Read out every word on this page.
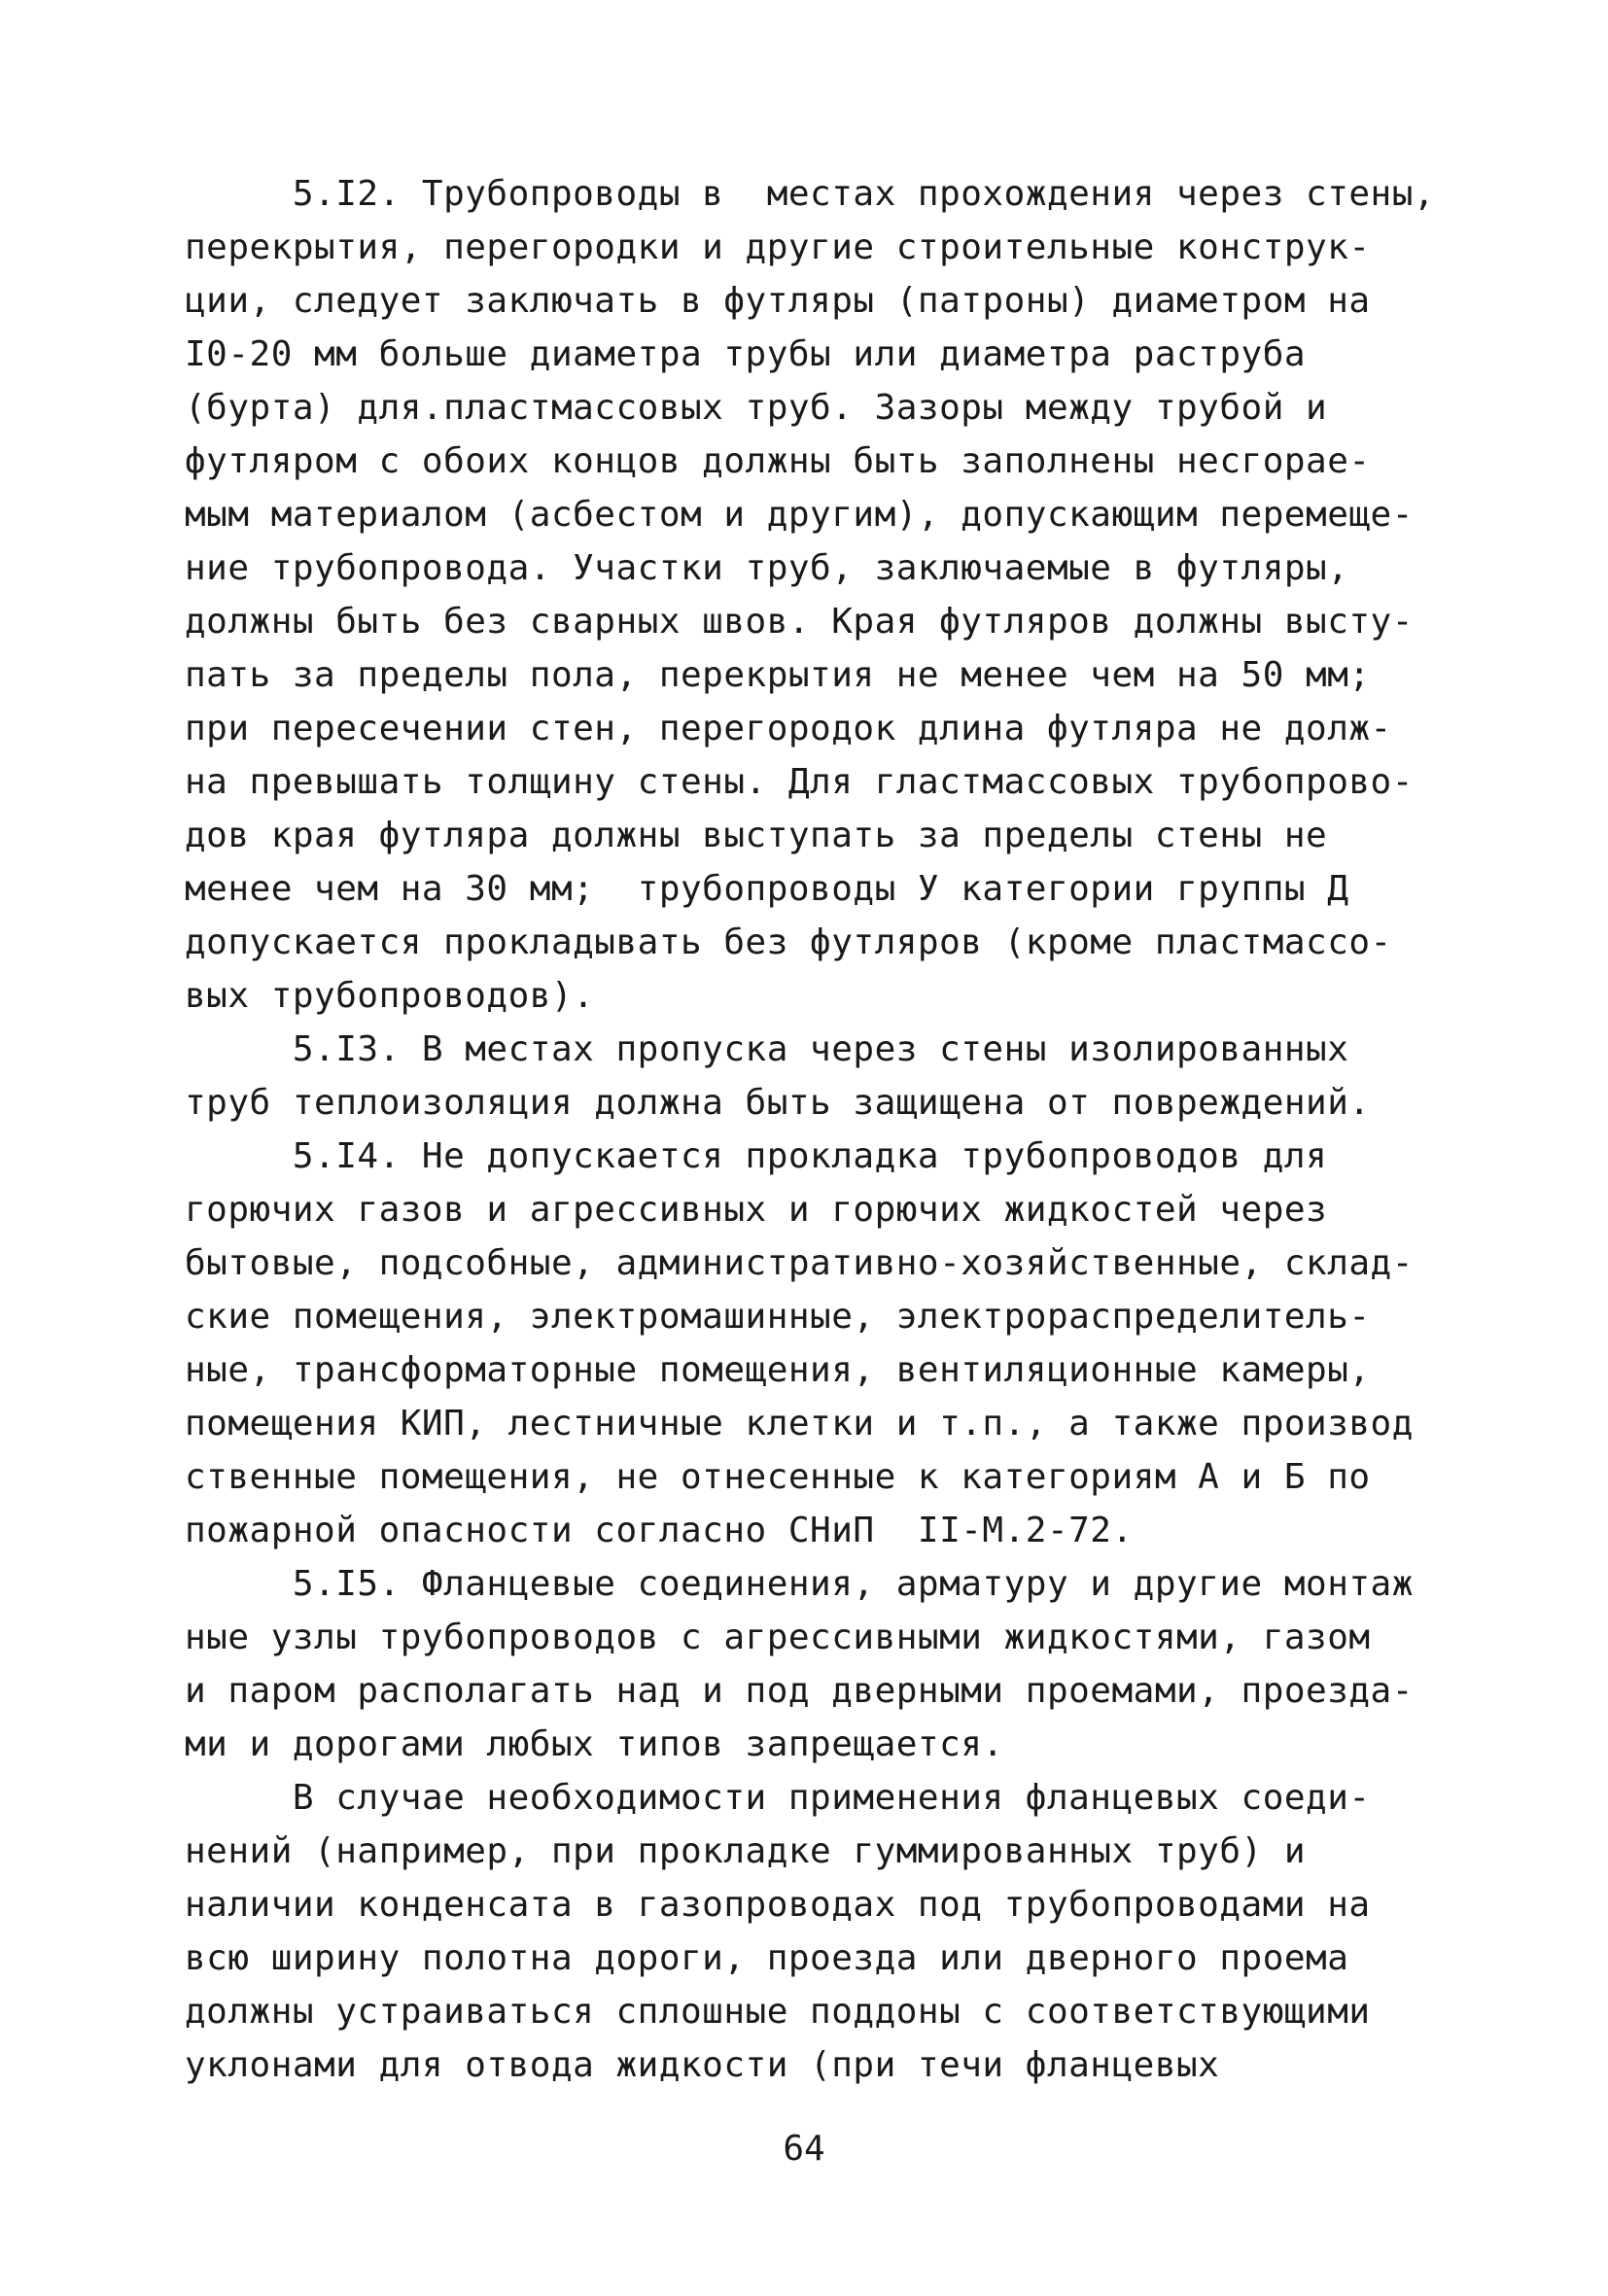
5.I2. Трубопроводы в  местах прохождения через стены,
перекрытия, перегородки и другие строительные конструк-
ции, следует заключать в футляры (патроны) диаметром на
I0-20 мм больше диаметра трубы или диаметра раструба
(бурта) для.пластмассовых труб. Зазоры между трубой и
футляром с обоих концов должны быть заполнены несгорае-
мым материалом (асбестом и другим), допускающим перемеще-
ние трубопровода. Участки труб, заключаемые в футляры,
должны быть без сварных швов. Края футляров должны высту-
пать за пределы пола, перекрытия не менее чем на 50 мм;
при пересечении стен, перегородок длина футляра не долж-
на превышать толщину стены. Для гластмассовых трубопрово-
дов края футляра должны выступать за пределы стены не
менее чем на 30 мм;  трубопроводы У категории группы Д
допускается прокладывать без футляров (кроме пластмассо-
вых трубопроводов).
5.I3. В местах пропуска через стены изолированных
труб теплоизоляция должна быть защищена от повреждений.
5.I4. Не допускается прокладка трубопроводов для
горючих газов и агрессивных и горючих жидкостей через
бытовые, подсобные, административно-хозяйственные, склад-
ские помещения, электромашинные, электрораспределитель-
ные, трансформаторные помещения, вентиляционные камеры,
помещения КИП, лестничные клетки и т.п., а также производ
ственные помещения, не отнесенные к категориям А и Б по
пожарной опасности согласно СНиП  II-М.2-72.
5.I5. Фланцевые соединения, арматуру и другие монтаж
ные узлы трубопроводов с агрессивными жидкостями, газом
и паром располагать над и под дверными проемами, проезда-
ми и дорогами любых типов запрещается.
В случае необходимости применения фланцевых соеди-
нений (например, при прокладке гуммированных труб) и
наличии конденсата в газопроводах под трубопроводами на
всю ширину полотна дороги, проезда или дверного проема
должны устраиваться сплошные поддоны с соответствующими
уклонами для отвода жидкости (при течи фланцевых
64
